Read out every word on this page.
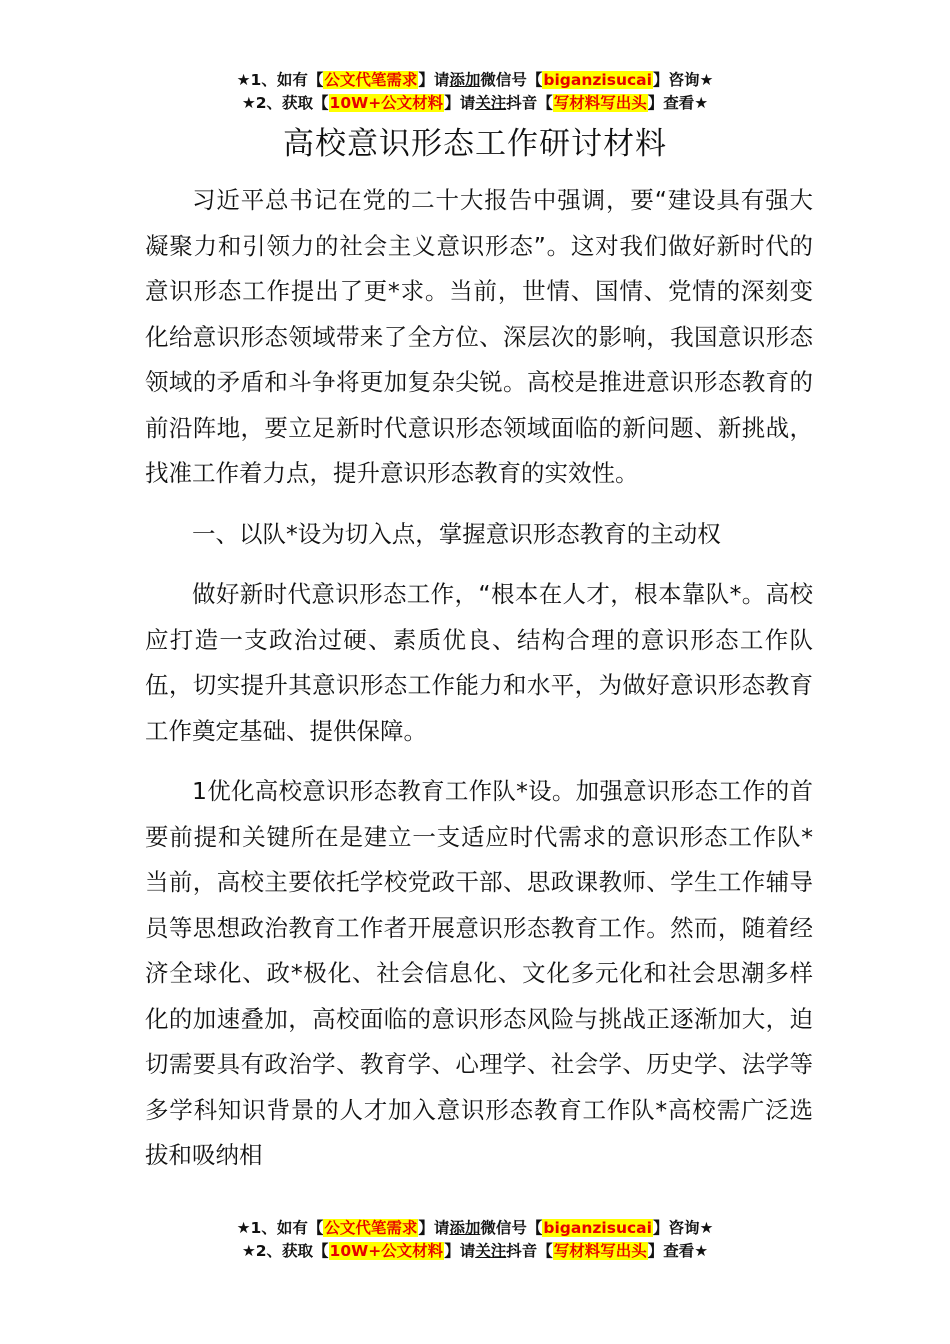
★1、如有【公文代笔需求】请添加微信号【biganzisucai】咨询★
★2、获取【10W+公文材料】请关注抖音【写材料写出头】查看★
高校意识形态工作研讨材料

习近平总书记在党的二十大报告中强调，要“建设具有强大凝聚力和引领力的社会主义意识形态”。这对我们做好新时代的意识形态工作提出了更*求。当前，世情、国情、党情的深刻变化给意识形态领域带来了全方位、深层次的影响，我国意识形态领域的矛盾和斗争将更加复杂尖锐。高校是推进意识形态教育的前沿阵地，要立足新时代意识形态领域面临的新问题、新挑战，找准工作着力点，提升意识形态教育的实效性。

一、以队*设为切入点，掌握意识形态教育的主动权

做好新时代意识形态工作，“根本在人才，根本靠队*。高校应打造一支政治过硬、素质优良、结构合理的意识形态工作队伍，切实提升其意识形态工作能力和水平，为做好意识形态教育工作奠定基础、提供保障。

1优化高校意识形态教育工作队*设。加强意识形态工作的首要前提和关键所在是建立一支适应时代需求的意识形态工作队*当前，高校主要依托学校党政干部、思政课教师、学生工作辅导员等思想政治教育工作者开展意识形态教育工作。然而，随着经济全球化、政*极化、社会信息化、文化多元化和社会思潮多样化的加速叠加，高校面临的意识形态风险与挑战正逐渐加大，迫切需要具有政治学、教育学、心理学、社会学、历史学、法学等多学科知识背景的人才加入意识形态教育工作队*高校需广泛选拔和吸纳相

★1、如有【公文代笔需求】请添加微信号【biganzisucai】咨询★
★2、获取【10W+公文材料】请关注抖音【写材料写出头】查看★
